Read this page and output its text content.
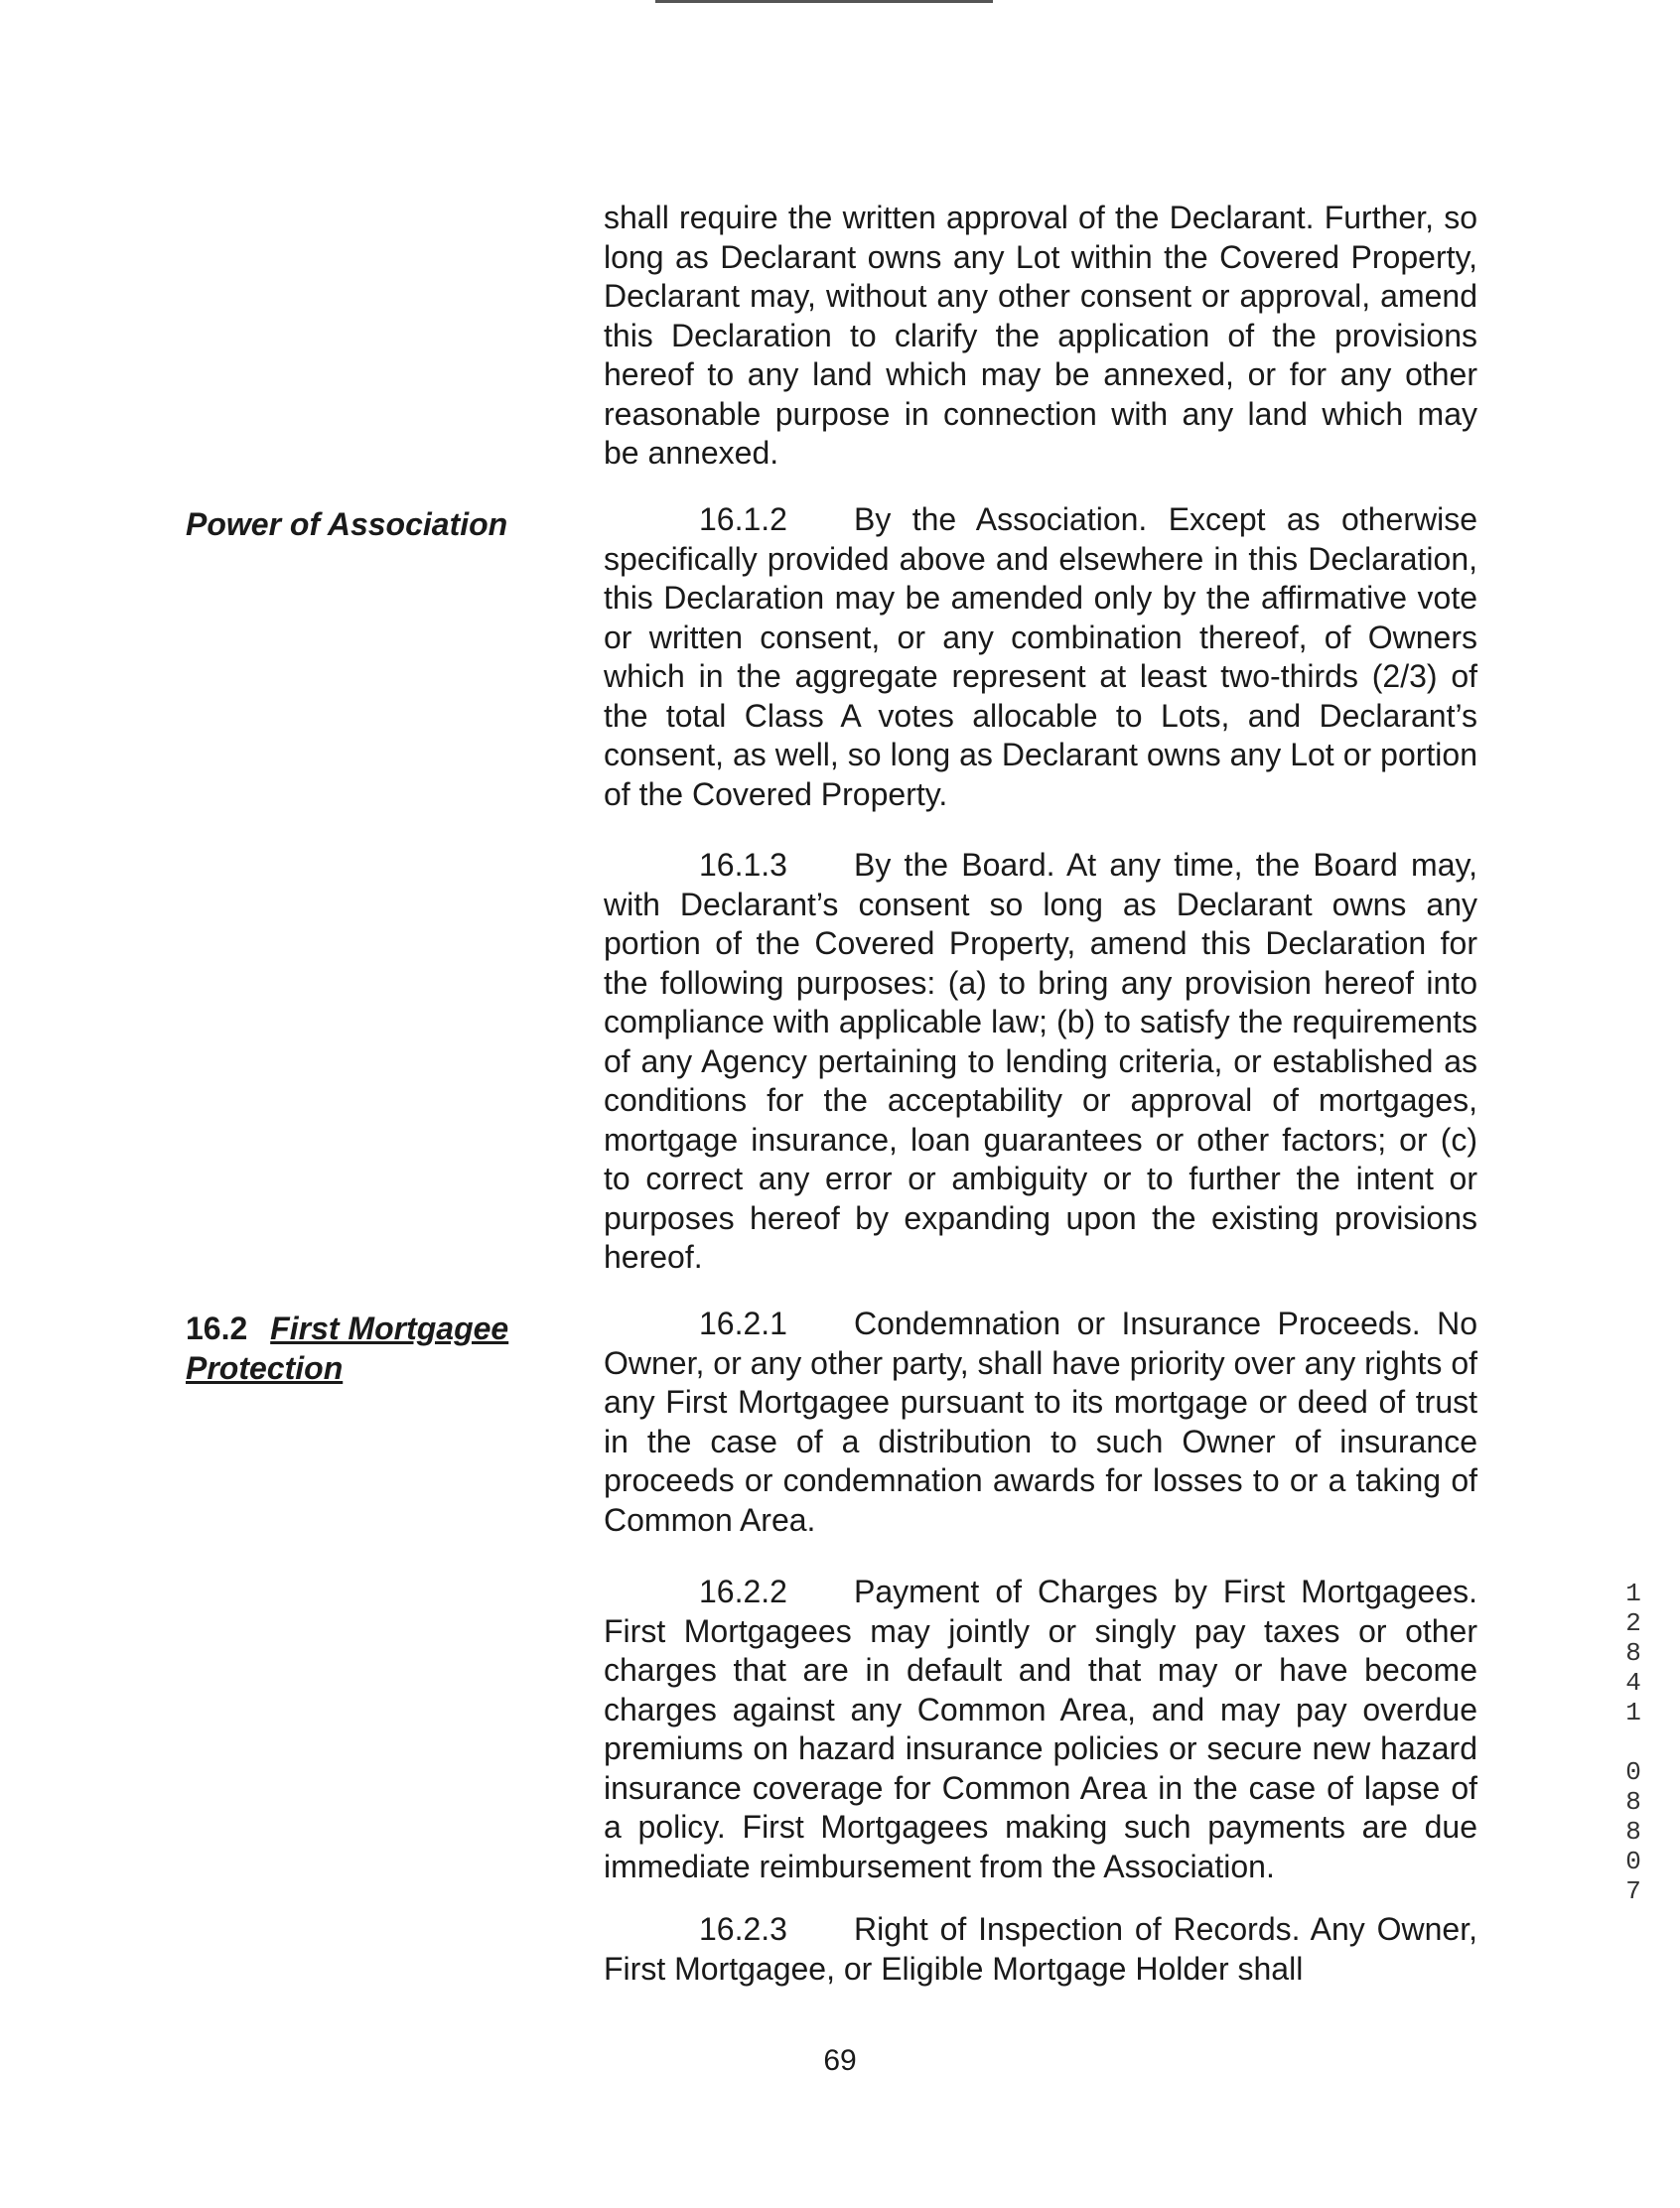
shall require the written approval of the Declarant. Further, so long as Declarant owns any Lot within the Covered Property, Declarant may, without any other consent or approval, amend this Declaration to clarify the application of the provisions hereof to any land which may be annexed, or for any other reasonable purpose in connection with any land which may be annexed.

Power of Association	16.1.2 By the Association. Except as otherwise specifically provided above and elsewhere in this Declaration, this Declaration may be amended only by the affirmative vote or written consent, or any combination thereof, of Owners which in the aggregate represent at least two-thirds (2/3) of the total Class A votes allocable to Lots, and Declarant’s consent, as well, so long as Declarant owns any Lot or portion of the Covered Property.

16.1.3 By the Board. At any time, the Board may, with Declarant’s consent so long as Declarant owns any portion of the Covered Property, amend this Declaration for the following purposes: (a) to bring any provision hereof into compliance with applicable law; (b) to satisfy the requirements of any Agency pertaining to lending criteria, or established as conditions for the acceptability or approval of mortgages, mortgage insurance, loan guarantees or other factors; or (c) to correct any error or ambiguity or to further the intent or purposes hereof by expanding upon the existing provisions hereof.

16.2 First Mortgagee
Protection

16.2.1 Condemnation or Insurance Proceeds. No Owner, or any other party, shall have priority over any rights of any First Mortgagee pursuant to its mortgage or deed of trust in the case of a distribution to such Owner of insurance proceeds or condemnation awards for losses to or a taking of Common Area.

16.2.2 Payment of Charges by First Mortgagees. First Mortgagees may jointly or singly pay taxes or other charges that are in default and that may or have become charges against any Common Area, and may pay overdue premiums on hazard insurance policies or secure new hazard insurance coverage for Common Area in the case of lapse of a policy. First Mortgagees making such payments are due immediate reimbursement from the Association.

16.2.3 Right of Inspection of Records. Any Owner, First Mortgagee, or Eligible Mortgage Holder shall

1
2
8
4
1
0
8
8
0
7
69
